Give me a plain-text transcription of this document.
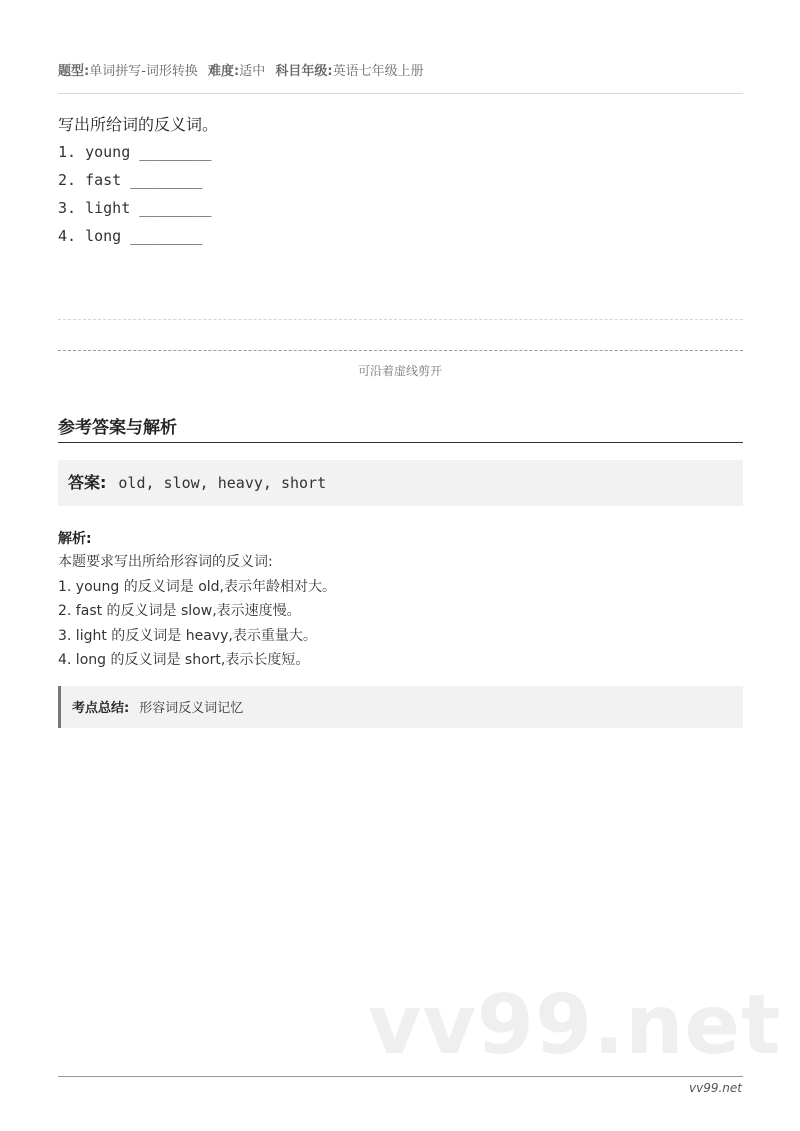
题型:单词拼写-词形转换 难度:适中 科目年级:英语七年级上册
写出所给词的反义词。
1. young ________
2. fast ________
3. light ________
4. long ________
可沿着虚线剪开
参考答案与解析
答案: old, slow, heavy, short
解析:
本题要求写出所给形容词的反义词:
1. young 的反义词是 old,表示年龄相对大。
2. fast 的反义词是 slow,表示速度慢。
3. light 的反义词是 heavy,表示重量大。
4. long 的反义词是 short,表示长度短。
考点总结: 形容词反义词记忆
vv99.net
vv99.net
